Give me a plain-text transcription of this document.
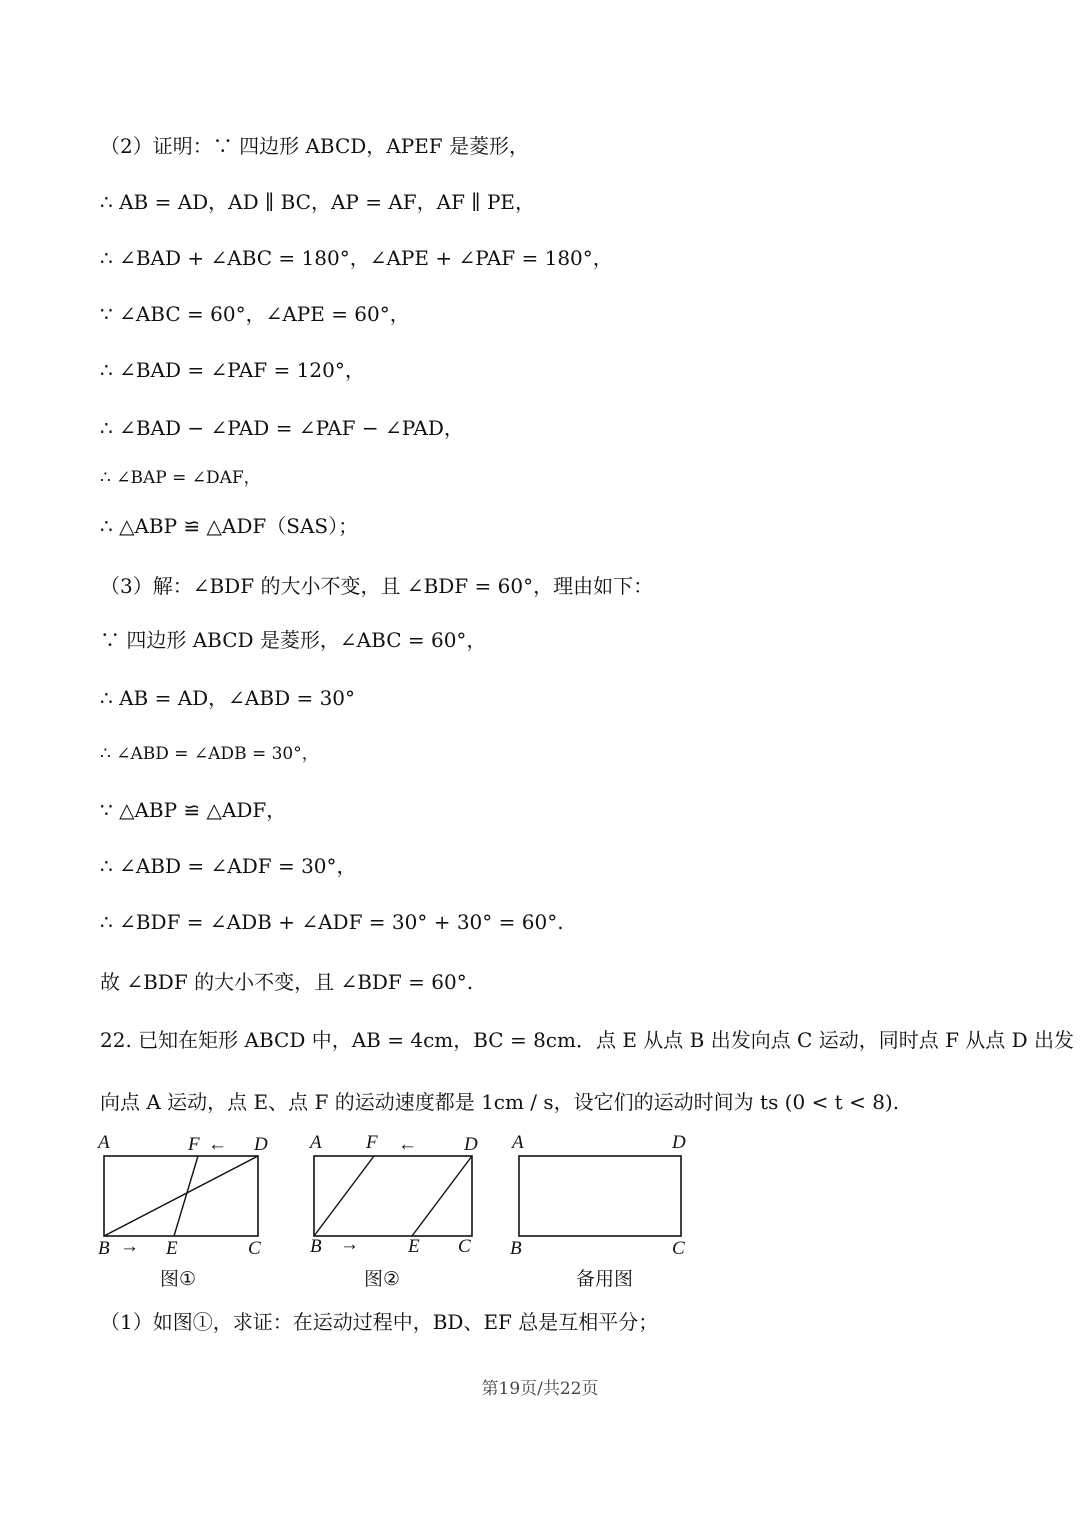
（2）证明：∵ 四边形 ABCD，APEF 是菱形，
∴ AB = AD，AD ∥ BC，AP = AF，AF ∥ PE，
∴ ∠BAD + ∠ABC = 180°，∠APE + ∠PAF = 180°，
∵ ∠ABC = 60°，∠APE = 60°，
∴ ∠BAD = ∠PAF = 120°，
∴ ∠BAD − ∠PAD = ∠PAF − ∠PAD，
∴ ∠BAP = ∠DAF，
∴ △ABP ≌ △ADF（SAS）；
（3）解：∠BDF 的大小不变，且 ∠BDF = 60°，理由如下：
∵ 四边形 ABCD 是菱形，∠ABC = 60°，
∴ AB = AD，∠ABD = 30°
∴ ∠ABD = ∠ADB = 30°，
∵ △ABP ≌ △ADF，
∴ ∠ABD = ∠ADF = 30°，
∴ ∠BDF = ∠ADB + ∠ADF = 30° + 30° = 60°.
故 ∠BDF 的大小不变，且 ∠BDF = 60°.
22. 已知在矩形 ABCD 中，AB = 4cm，BC = 8cm．点 E 从点 B 出发向点 C 运动，同时点 F 从点 D 出发
向点 A 运动，点 E、点 F 的运动速度都是 1cm / s，设它们的运动时间为 ts (0 < t < 8).
A	F ← D
B → E	C
图①
A F ← D
B →	E C
图②
A	D
B	C
备用图
（1）如图①，求证：在运动过程中，BD、EF 总是互相平分；
第19页/共22页
